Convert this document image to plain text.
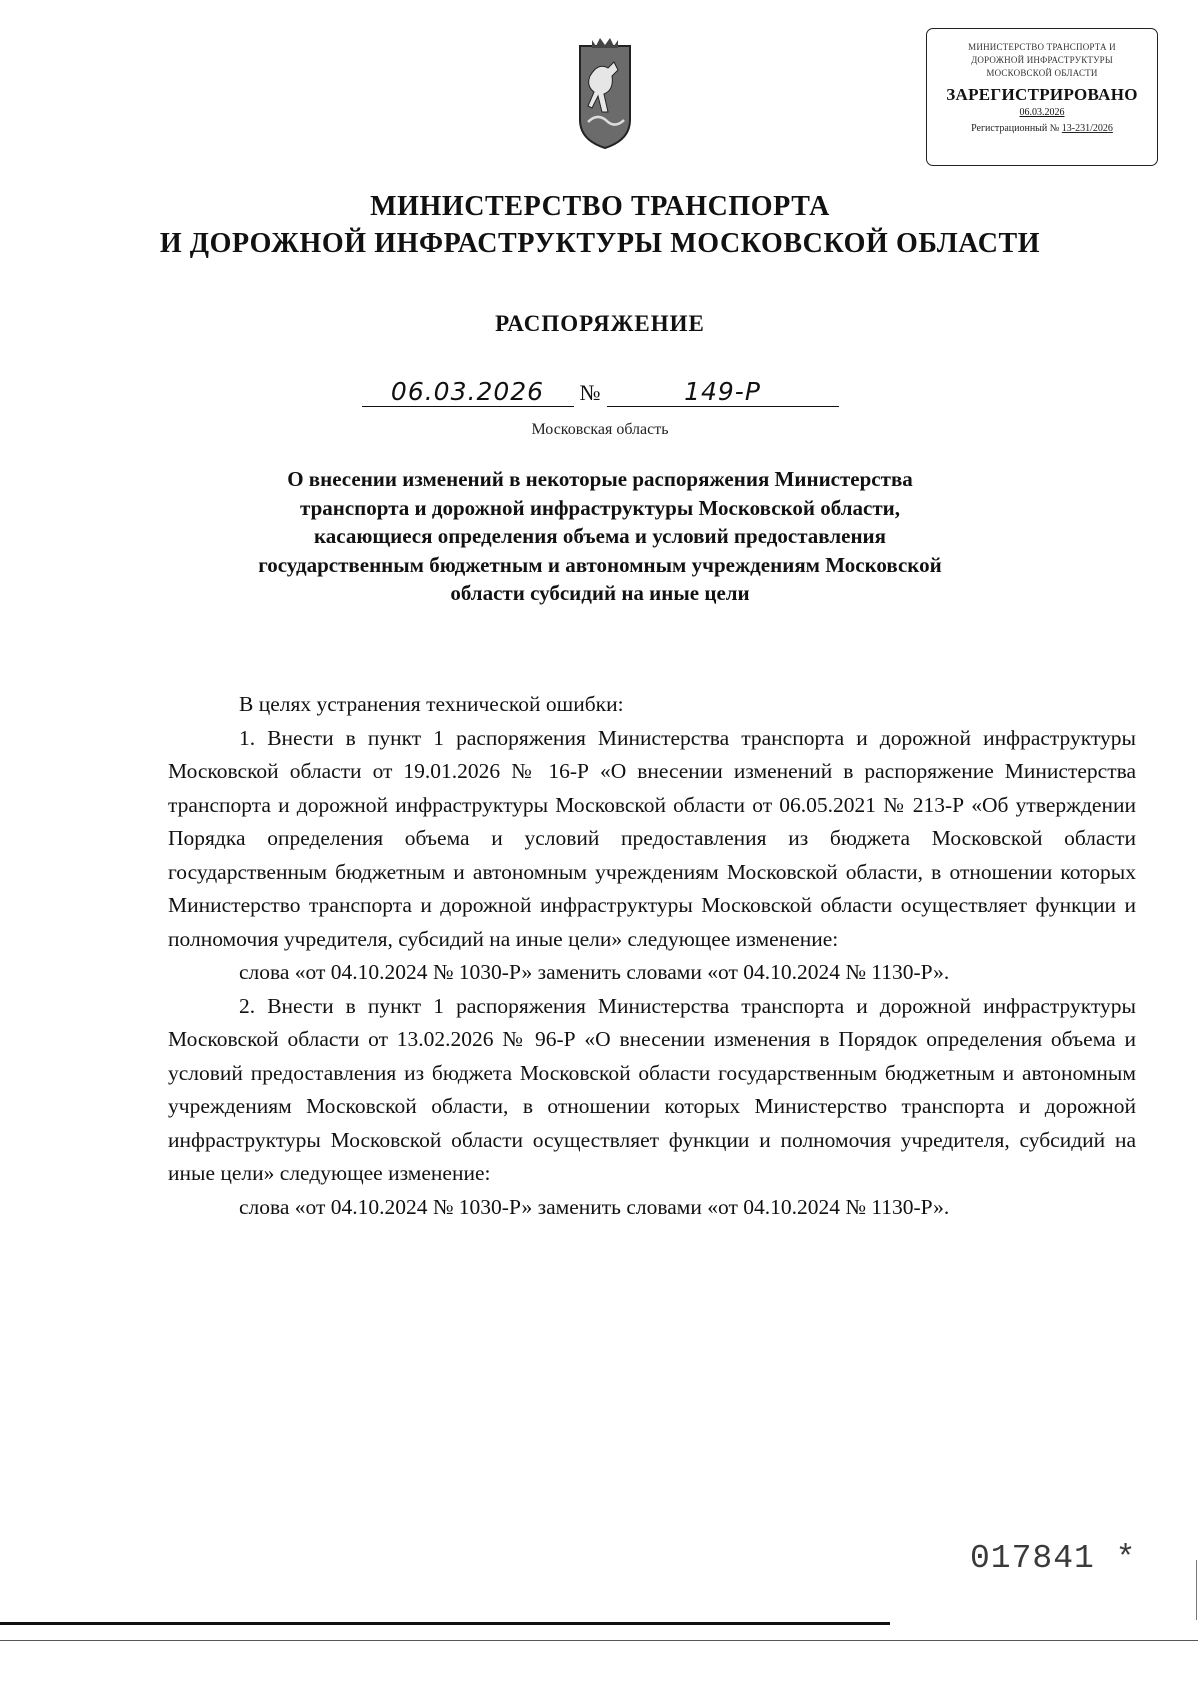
МИНИСТЕРСТВО ТРАНСПОРТА И
ДОРОЖНОЙ ИНФРАСТРУКТУРЫ
МОСКОВСКОЙ ОБЛАСТИ
ЗАРЕГИСТРИРОВАНО
06.03.2026
Регистрационный № 13-231/2026
МИНИСТЕРСТВО ТРАНСПОРТА
И ДОРОЖНОЙ ИНФРАСТРУКТУРЫ МОСКОВСКОЙ ОБЛАСТИ
РАСПОРЯЖЕНИЕ
06.03.2026 №	149-Р
Московская область
О внесении изменений в некоторые распоряжения Министерства
транспорта и дорожной инфраструктуры Московской области,
касающиеся определения объема и условий предоставления
государственным бюджетным и автономным учреждениям Московской
области субсидий на иные цели

В целях устранения технической ошибки:

1. Внести в пункт 1 распоряжения Министерства транспорта и дорожной инфраструктуры Московской области от 19.01.2026 № 16-Р «О внесении изменений в распоряжение Министерства транспорта и дорожной инфраструктуры Московской области от 06.05.2021 № 213-Р «Об утверждении Порядка определения объема и условий предоставления из бюджета Московской области государственным бюджетным и автономным учреждениям Московской области, в отношении которых Министерство транспорта и дорожной инфраструктуры Московской области осуществляет функции и полномочия учредителя, субсидий на иные цели» следующее изменение:

слова «от 04.10.2024 № 1030-Р» заменить словами «от 04.10.2024 № 1130-Р».

2. Внести в пункт 1 распоряжения Министерства транспорта и дорожной инфраструктуры Московской области от 13.02.2026 № 96-Р «О внесении изменения в Порядок определения объема и условий предоставления из бюджета Московской области государственным бюджетным и автономным учреждениям Московской области, в отношении которых Министерство транспорта и дорожной инфраструктуры Московской области осуществляет функции и полномочия учредителя, субсидий на иные цели» следующее изменение:

слова «от 04.10.2024 № 1030-Р» заменить словами «от 04.10.2024 № 1130-Р».

017841 *
